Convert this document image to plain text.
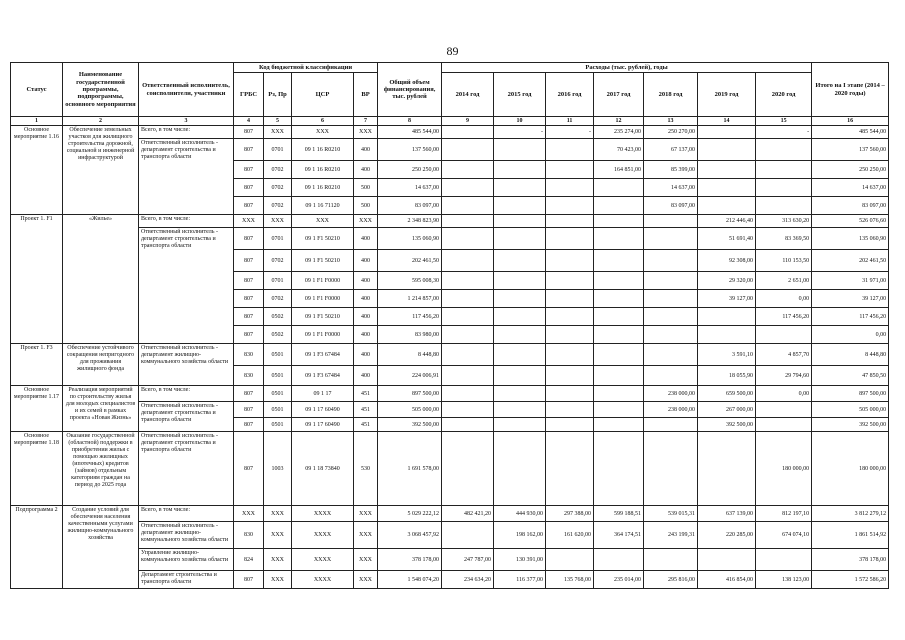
89
Статус	Наименование государственной программы, подпрограммы, основного мероприятия	Ответственный исполнитель, соисполнители, участники	Код бюджетной классификации				Общий объем финансирования, тыс. рублей	Расходы (тыс. рублей), годы							Итого на I этапе (2014 – 2020 годы)
			ГРБС	Рз, Пр	ЦСР	ВР		2014 год	2015 год	2016 год	2017 год	2018 год	2019 год	2020 год	
1	2	3	4	5	6	7	8	9	10	11	12	13	14	15	16
Основное мероприятие 1.16	Обеспечение земельных участков для жилищного строительства дорожной, социальной и инженерной инфраструктурой	Всего, в том числе:	807	XXX	XXX	XXX	485 544,00		-	-	235 274,00	250 270,00		-	485 544,00
		Ответственный исполнитель - департамент строительства и транспорта области	807	0701	09 1 16 R0210	400	137 560,00				70 423,00	67 137,00			137 560,00
			807	0702	09 1 16 R0210	400	250 250,00				164 851,00	85 399,00			250 250,00
			807	0702	09 1 16 R0210	500	14 637,00					14 637,00			14 637,00
			807	0702	09 1 16 71120	500	83 097,00					83 097,00			83 097,00
Проект 1. F1	«Жилье»	Всего, в том числе:	XXX	XXX	XXX	XXX	2 348 823,90						212 446,40	313 630,20	526 076,60
		Ответственный исполнитель - департамент строительства и транспорта области	807	0701	09 1 F1 50210	400	135 060,90						51 691,40	83 369,50	135 060,90
			807	0702	09 1 F1 50210	400	202 461,50						92 308,00	110 153,50	202 461,50
			807	0701	09 1 F1 F0000	400	595 008,30						29 320,00	2 651,00	31 971,00
			807	0702	09 1 F1 F0000	400	1 214 857,00						39 127,00	0,00	39 127,00
			807	0502	09 1 F1 50210	400	117 456,20							117 456,20	117 456,20
			807	0502	09 1 F1 F0000	400	83 980,00								0,00
Проект 1. F3	Обеспечение устойчивого сокращения непригодного для проживания жилищного фонда	Ответственный исполнитель - департамент жилищно-коммунального хозяйства области	830	0501	09 1 F3 67484	400	8 448,80						3 591,10	4 857,70	8 448,80
			830	0501	09 1 F3 67484	400	224 006,91						18 055,90	29 794,60	47 850,50
Основное мероприятие 1.17	Реализация мероприятий по строительству жилья для молодых специалистов и их семей в рамках проекта «Новая Жизнь»	Всего, в том числе:	807	0501	09 1 17	451	897 500,00					238 000,00	659 500,00	0,00	897 500,00
		Ответственный исполнитель - департамент строительства и транспорта области	807	0501	09 1 17 60490	451	505 000,00					238 000,00	267 000,00		505 000,00
			807	0501	09 1 17 60490	451	392 500,00						392 500,00		392 500,00
Основное мероприятие 1.18	Оказание государственной (областной) поддержки в приобретении жилья с помощью жилищных (ипотечных) кредитов (займов) отдельным категориям граждан на период до 2025 года	Ответственный исполнитель - департамент строительства и транспорта области	807	1003	09 1 18 73840	530	1 691 578,00							180 000,00	180 000,00
Подпрограмма 2	Создание условий для обеспечения населения качественными услугами жилищно-коммунального хозяйства	Всего, в том числе:	XXX	XXX	XXXX	XXX	5 029 222,12	482 421,20	444 930,00	297 388,00	599 188,51	539 015,31	637 139,00	812 197,10	3 812 279,12
		Ответственный исполнитель - департамент жилищно-коммунального хозяйства области	830	XXX	XXXX	XXX	3 068 457,92		198 162,00	161 620,00	364 174,51	243 199,31	220 285,00	674 074,10	1 861 514,92
		Управление жилищно-коммунального хозяйства области	824	XXX	XXXX	XXX	378 178,00	247 787,00	130 391,00						378 178,00
		Департамент строительства и транспорта области	807	XXX	XXXX	XXX	1 548 074,20	234 634,20	116 377,00	135 768,00	235 014,00	295 816,00	416 854,00	138 123,00	1 572 586,20
